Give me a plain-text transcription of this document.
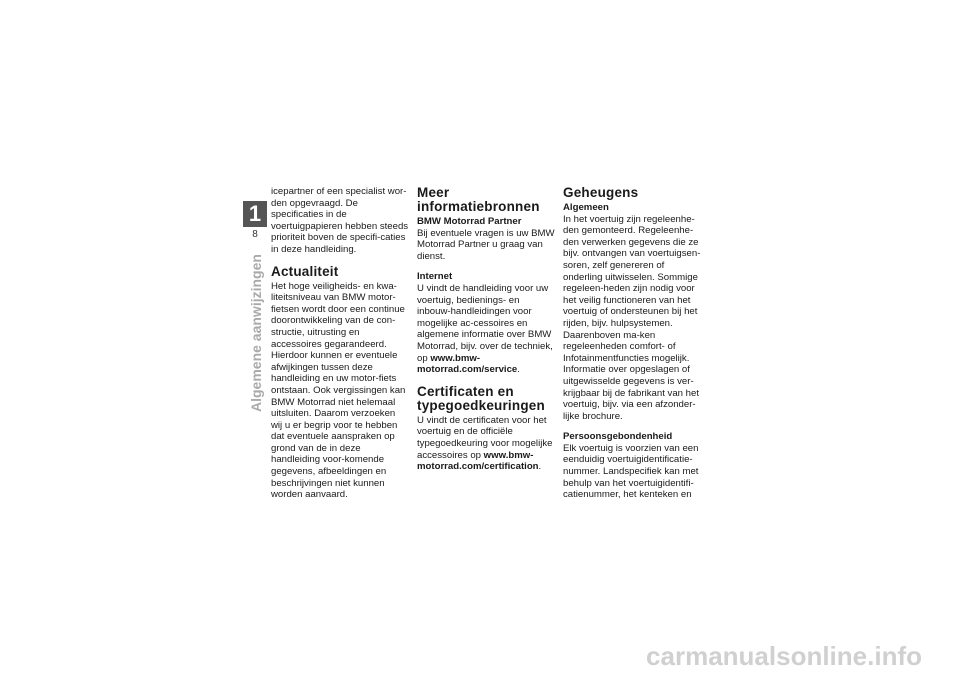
1
8
Algemene aanwijzingen

icepartner of een specialist wor-den opgevraagd. De specificaties in de voertuigpapieren hebben steeds prioriteit boven de specifi-caties in deze handleiding.

Actualiteit

Het hoge veiligheids- en kwa-liteitsniveau van BMW motor-fietsen wordt door een continue doorontwikkeling van de con-structie, uitrusting en accessoires gegarandeerd. Hierdoor kunnen er eventuele afwijkingen tussen deze handleiding en uw motor-fiets ontstaan. Ook vergissingen kan BMW Motorrad niet helemaal uitsluiten. Daarom verzoeken wij u er begrip voor te hebben dat eventuele aanspraken op grond van de in deze handleiding voor-komende gegevens, afbeeldingen en beschrijvingen niet kunnen worden aanvaard.

Meer informatiebronnen
BMW Motorrad Partner

Bij eventuele vragen is uw BMW Motorrad Partner u graag van dienst.

Internet

U vindt de handleiding voor uw voertuig, bedienings- en inbouw-handleidingen voor mogelijke ac-cessoires en algemene informatie over BMW Motorrad, bijv. over de techniek, op www.bmw-motorrad.com/service.

Certificaten en typegoedkeuringen

U vindt de certificaten voor het voertuig en de officiële typegoedkeuring voor mogelijke accessoires op www.bmw-motorrad.com/certification.

Geheugens
Algemeen

In het voertuig zijn regeleenhe-den gemonteerd. Regeleenhe-den verwerken gegevens die ze bijv. ontvangen van voertuigsen-soren, zelf genereren of onderling uitwisselen. Sommige regeleen-heden zijn nodig voor het veilig functioneren van het voertuig of ondersteunen bij het rijden, bijv. hulpsystemen. Daarenboven ma-ken regeleenheden comfort- of Infotainmentfuncties mogelijk. Informatie over opgeslagen of uitgewisselde gegevens is ver-krijgbaar bij de fabrikant van het voertuig, bijv. via een afzonder-lijke brochure.

Persoonsgebondenheid

Elk voertuig is voorzien van een eenduidig voertuigidentificatie-nummer. Landspecifiek kan met behulp van het voertuigidentifi-catienummer, het kenteken en

carmanualsonline.info
